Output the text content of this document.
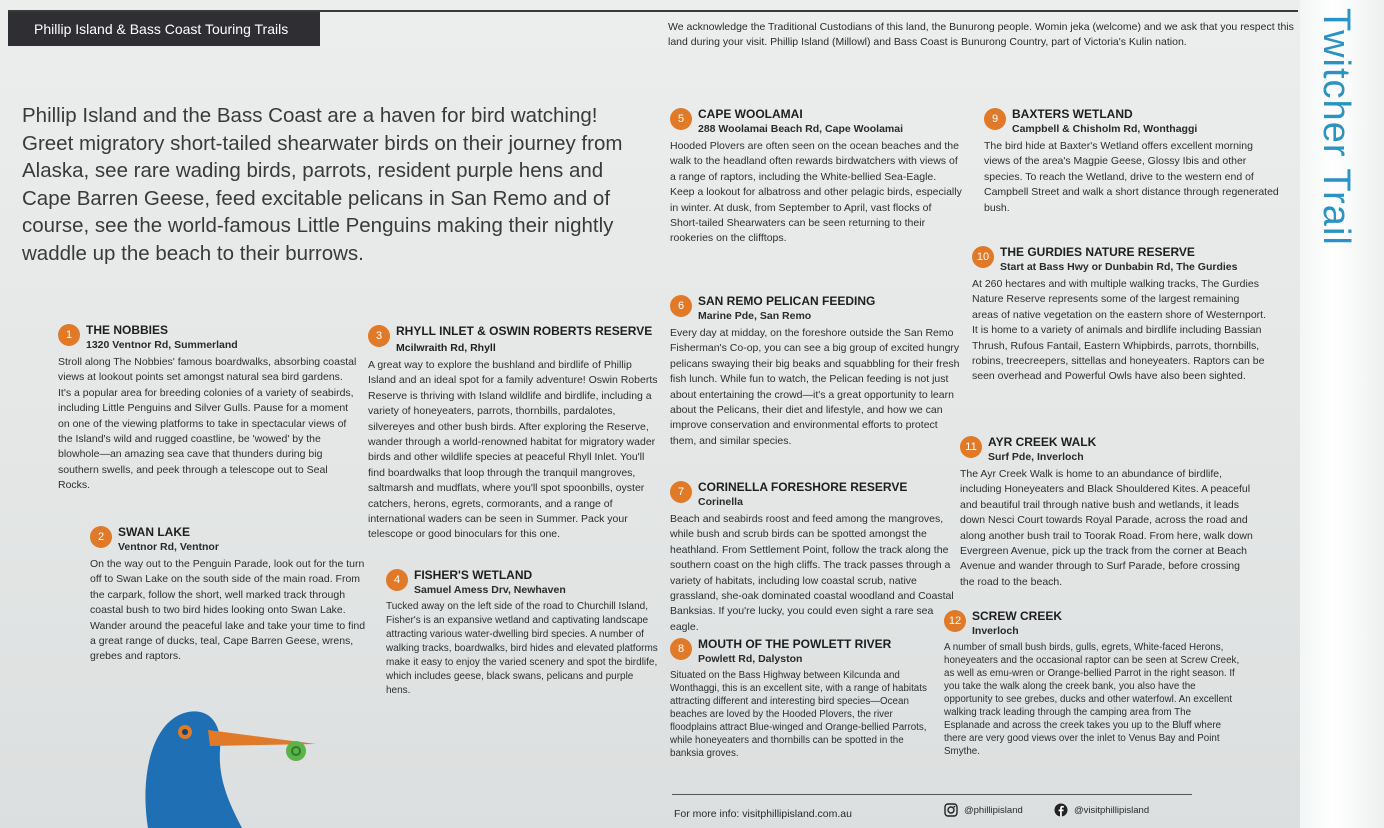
Phillip Island & Bass Coast Touring Trails	We acknowledge the Traditional Custodians of this land, the Bunurong people. Womin jeka (welcome) and we ask that you respect this land during your visit. Phillip Island (Millowl) and Bass Coast is Bunurong Country, part of Victoria's Kulin nation.	Twitcher Trail
Phillip Island and the Bass Coast are a haven for bird watching! Greet migratory short-tailed shearwater birds on their journey from Alaska, see rare wading birds, parrots, resident purple hens and Cape Barren Geese, feed excitable pelicans in San Remo and of course, see the world-famous Little Penguins making their nightly waddle up the beach to their burrows.
1	THE NOBBIES
1320 Ventnor Rd, Summerland
Stroll along The Nobbies' famous boardwalks, absorbing coastal views at lookout points set amongst natural sea bird gardens. It's a popular area for breeding colonies of a variety of seabirds, including Little Penguins and Silver Gulls. Pause for a moment on one of the viewing platforms to take in spectacular views of the Island's wild and rugged coastline, be 'wowed' by the blowhole—an amazing sea cave that thunders during big southern swells, and peek through a telescope out to Seal Rocks.
2	SWAN LAKE
Ventnor Rd, Ventnor
On the way out to the Penguin Parade, look out for the turn off to Swan Lake on the south side of the main road. From the carpark, follow the short, well marked track through coastal bush to two bird hides looking onto Swan Lake. Wander around the peaceful lake and take your time to find a great range of ducks, teal, Cape Barren Geese, wrens, grebes and raptors.
3	RHYLL INLET & OSWIN ROBERTS RESERVE Mcilwraith Rd, Rhyll
A great way to explore the bushland and birdlife of Phillip Island and an ideal spot for a family adventure! Oswin Roberts Reserve is thriving with Island wildlife and birdlife, including a variety of honeyeaters, parrots, thornbills, pardalotes, silvereyes and other bush birds. After exploring the Reserve, wander through a world-renowned habitat for migratory wader birds and other wildlife species at peaceful Rhyll Inlet. You'll find boardwalks that loop through the tranquil mangroves, saltmarsh and mudflats, where you'll spot spoonbills, oyster catchers, herons, egrets, cormorants, and a range of international waders can be seen in Summer. Pack your telescope or good binoculars for this one.
4	FISHER'S WETLAND
Samuel Amess Drv, Newhaven
Tucked away on the left side of the road to Churchill Island, Fisher's is an expansive wetland and captivating landscape attracting various water-dwelling bird species. A number of walking tracks, boardwalks, bird hides and elevated platforms make it easy to enjoy the varied scenery and spot the birdlife, which includes geese, black swans, pelicans and purple hens.
5	CAPE WOOLAMAI
288 Woolamai Beach Rd, Cape Woolamai
Hooded Plovers are often seen on the ocean beaches and the walk to the headland often rewards birdwatchers with views of a range of raptors, including the White-bellied Sea-Eagle. Keep a lookout for albatross and other pelagic birds, especially in winter. At dusk, from September to April, vast flocks of Short-tailed Shearwaters can be seen returning to their rookeries on the clifftops.
6	SAN REMO PELICAN FEEDING
Marine Pde, San Remo
Every day at midday, on the foreshore outside the San Remo Fisherman's Co-op, you can see a big group of excited hungry pelicans swaying their big beaks and squabbling for their fresh fish lunch. While fun to watch, the Pelican feeding is not just about entertaining the crowd—it's a great opportunity to learn about the Pelicans, their diet and lifestyle, and how we can improve conservation and environmental efforts to protect them, and similar species.
7	CORINELLA FORESHORE RESERVE
Corinella
Beach and seabirds roost and feed among the mangroves, while bush and scrub birds can be spotted amongst the heathland. From Settlement Point, follow the track along the southern coast on the high cliffs. The track passes through a variety of habitats, including low coastal scrub, native grassland, she-oak dominated coastal woodland and Coastal Banksias. If you're lucky, you could even sight a rare sea eagle.
8	MOUTH OF THE POWLETT RIVER
Powlett Rd, Dalyston
Situated on the Bass Highway between Kilcunda and Wonthaggi, this is an excellent site, with a range of habitats attracting different and interesting bird species—Ocean beaches are loved by the Hooded Plovers, the river floodplains attract Blue-winged and Orange-bellied Parrots, while honeyeaters and thornbills can be spotted in the banksia groves.
9	BAXTERS WETLAND
Campbell & Chisholm Rd, Wonthaggi
The bird hide at Baxter's Wetland offers excellent morning views of the area's Magpie Geese, Glossy Ibis and other species. To reach the Wetland, drive to the western end of Campbell Street and walk a short distance through regenerated bush.
10 THE GURDIES NATURE RESERVE
Start at Bass Hwy or Dunbabin Rd, The Gurdies
At 260 hectares and with multiple walking tracks, The Gurdies Nature Reserve represents some of the largest remaining areas of native vegetation on the eastern shore of Westernport. It is home to a variety of animals and birdlife including Bassian Thrush, Rufous Fantail, Eastern Whipbirds, parrots, thornbills, robins, treecreepers, sittellas and honeyeaters. Raptors can be seen overhead and Powerful Owls have also been sighted.
11 AYR CREEK WALK
Surf Pde, Inverloch
The Ayr Creek Walk is home to an abundance of birdlife, including Honeyeaters and Black Shouldered Kites. A peaceful and beautiful trail through native bush and wetlands, it leads down Nesci Court towards Royal Parade, across the road and along another bush trail to Toorak Road. From here, walk down Evergreen Avenue, pick up the track from the corner at Beach Avenue and wander through to Surf Parade, before crossing the road to the beach.
12 SCREW CREEK
Inverloch
A number of small bush birds, gulls, egrets, White-faced Herons, honeyeaters and the occasional raptor can be seen at Screw Creek, as well as emu-wren or Orange-bellied Parrot in the right season. If you take the walk along the creek bank, you also have the opportunity to see grebes, ducks and other waterfowl. An excellent walking track leading through the camping area from The Esplanade and across the creek takes you up to the Bluff where there are very good views over the inlet to Venus Bay and Point Smythe.
For more info: visitphillipisland.com.au	@phillipisland	@visitphillipisland
